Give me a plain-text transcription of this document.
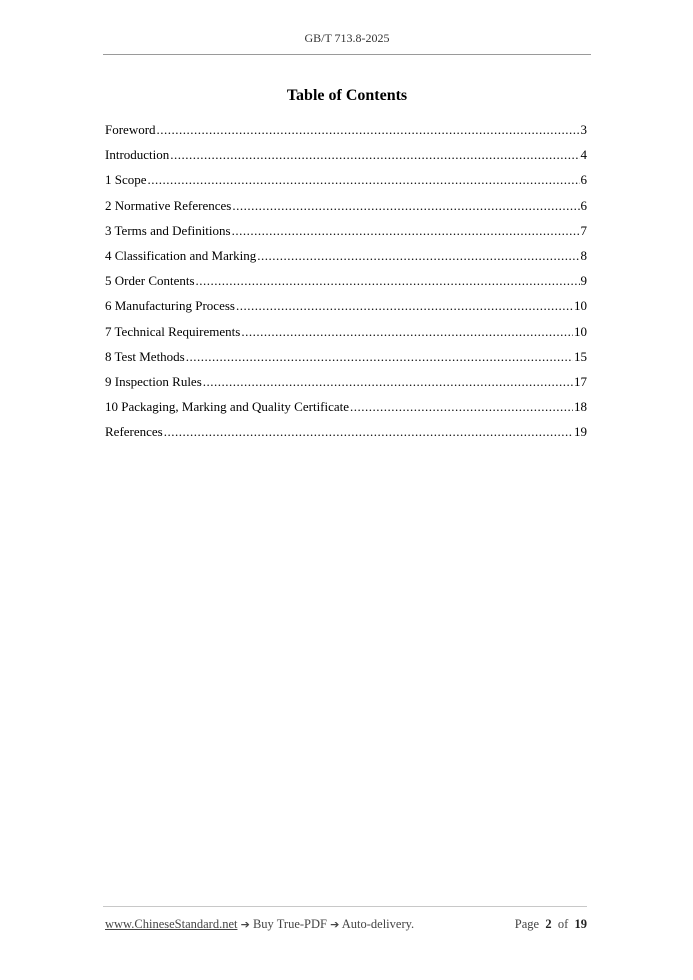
GB/T 713.8-2025
Table of Contents
Foreword .....	3
Introduction .....	4
1 Scope .....	6
2 Normative References .....	6
3 Terms and Definitions .....	7
4 Classification and Marking .....	8
5 Order Contents .....	9
6 Manufacturing Process .....	10
7 Technical Requirements .....	10
8 Test Methods .....	15
9 Inspection Rules .....	17
10 Packaging, Marking and Quality Certificate .....	18
References .....	19
www.ChineseStandard.net ➔ Buy True-PDF ➔ Auto-delivery.	Page 2 of 19
